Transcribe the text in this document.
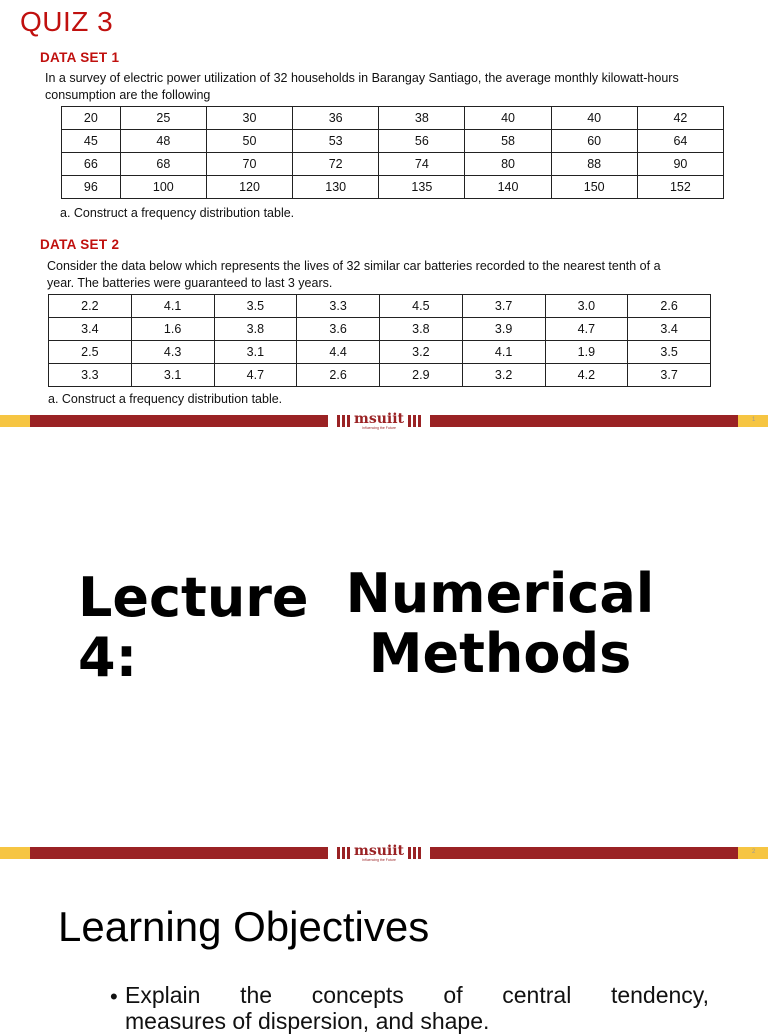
QUIZ 3
DATA SET 1
In a survey of electric power utilization of 32 households in Barangay Santiago, the average monthly kilowatt-hours
consumption are the following
20	25	30	36	38	40	40	42
45	48	50	53	56	58	60	64
66	68	70	72	74	80	88	90
96	100	120	130	135	140	150	152
a. Construct a frequency distribution table.
DATA SET 2
Consider the data below which represents the lives of 32 similar car batteries recorded to the nearest tenth of a
year. The batteries were guaranteed to last 3 years.
2.2	4.1	3.5	3.3	4.5	3.7	3.0	2.6
3.4	1.6	3.8	3.6	3.8	3.9	4.7	3.4
2.5	4.3	3.1	4.4	3.2	4.1	1.9	3.5
3.3	3.1	4.7	2.6	2.9	3.2	4.2	3.7
a. Construct a frequency distribution table.
msuiit
Influencing the Future
1
Lecture
4:
Numerical
Methods
msuiit
Influencing the Future
2
Learning Objectives
• Explain the concepts of central tendency,
measures of dispersion, and shape.
